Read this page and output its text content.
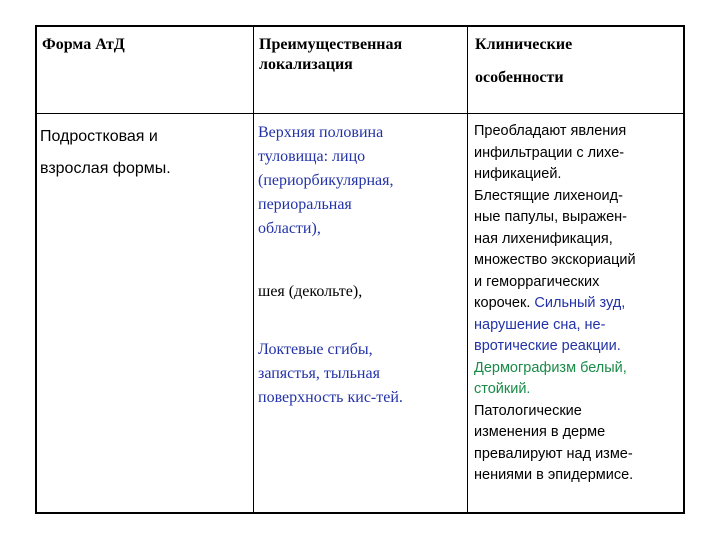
Форма АтД	Преимущественная

локализация

Клинические

особенности

Подростковая и

взрослая формы.

Верхняя половина

туловища: лицо

(периорбикулярная,

периоральная

области),

шея (декольте),

Локтевые сгибы,

запястья, тыльная

поверхность кис-тей.

Преобладают явления

инфильтрации с лихе-

нификацией.

Блестящие лихеноид-

ные папулы, выражен-

ная лихенификация,

множество экскориаций

и геморрагических

корочек. Сильный зуд,

нарушение сна, не-

вротические реакции.

Дермографизм белый,

стойкий.

Патологические

изменения в дерме

превалируют над изме-

нениями в эпидермисе.
